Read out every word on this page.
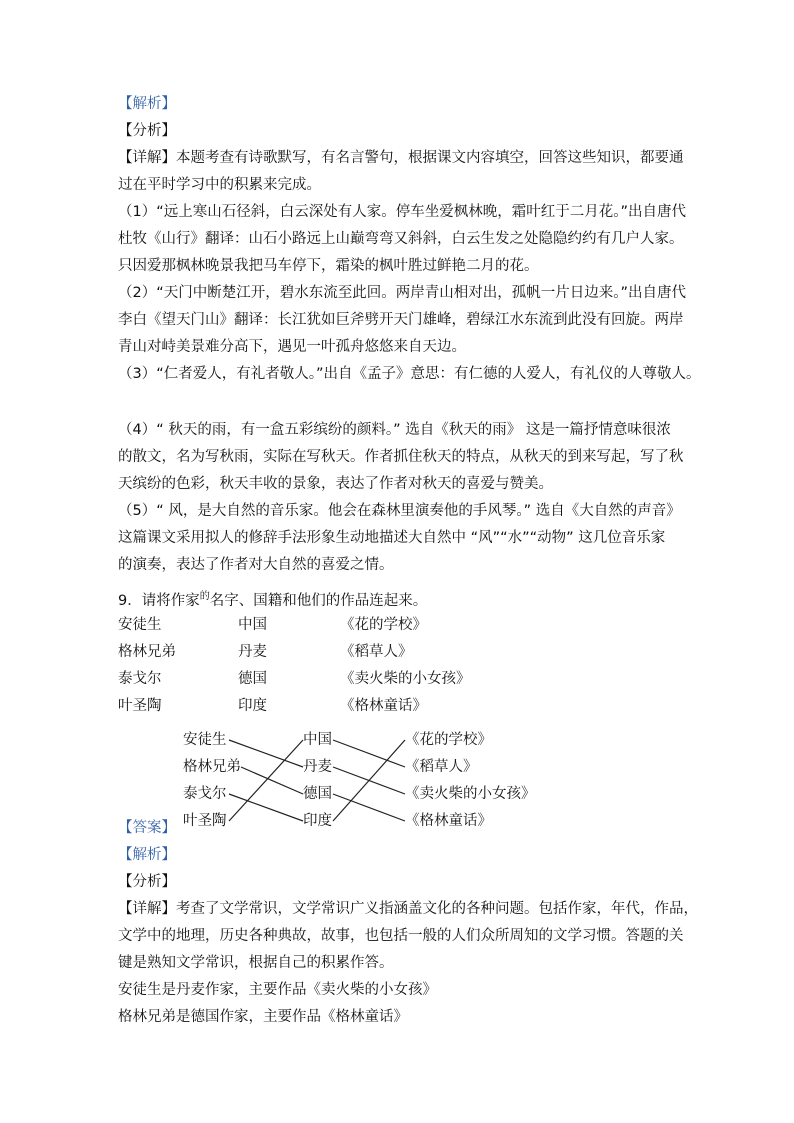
【解析】
【分析】
【详解】本题考查有诗歌默写，有名言警句，根据课文内容填空，回答这些知识，都要通
过在平时学习中的积累来完成。
（1）“远上寒山石径斜，白云深处有人家。停车坐爱枫林晚，霜叶红于二月花。”出自唐代
杜牧《山行》翻译：山石小路远上山巅弯弯又斜斜，白云生发之处隐隐约约有几户人家。
只因爱那枫林晚景我把马车停下，霜染的枫叶胜过鲜艳二月的花。
（2）“天门中断楚江开，碧水东流至此回。两岸青山相对出，孤帆一片日边来。”出自唐代
李白《望天门山》翻译：长江犹如巨斧劈开天门雄峰，碧绿江水东流到此没有回旋。两岸
青山对峙美景难分高下，遇见一叶孤舟悠悠来自天边。
（3）“仁者爱人，有礼者敬人。”出自《孟子》意思：有仁德的人爱人，有礼仪的人尊敬人。
（4）“ 秋天的雨，有一盒五彩缤纷的颜料。” 选自《秋天的雨》 这是一篇抒情意味很浓
的散文，名为写秋雨，实际在写秋天。作者抓住秋天的特点，从秋天的到来写起，写了秋
天缤纷的色彩，秋天丰收的景象，表达了作者对秋天的喜爱与赞美。
（5）“ 风，是大自然的音乐家。他会在森林里演奏他的手风琴。” 选自《大自然的声音》
这篇课文采用拟人的修辞手法形象生动地描述大自然中 “风”“水”“动物” 这几位音乐家
的演奏，表达了作者对大自然的喜爱之情。
9．请将作家$^的$名字、国籍和他们的作品连起来。
安徒生	中国	《花的学校》
格林兄弟	丹麦	《稻草人》
泰戈尔	德国	《卖火柴的小女孩》
叶圣陶	印度	《格林童话》
安徒生
格林兄弟
泰戈尔
叶圣陶
中国
丹麦
德国
印度
《花的学校》
《稻草人》
《卖火柴的小女孩》
《格林童话》
【答案】
【解析】
【分析】
【详解】考查了文学常识，文学常识广义指涵盖文化的各种问题。包括作家，年代，作品，
文学中的地理，历史各种典故，故事，也包括一般的人们众所周知的文学习惯。答题的关
键是熟知文学常识，根据自己的积累作答。
安徒生是丹麦作家，主要作品《卖火柴的小女孩》
格林兄弟是德国作家，主要作品《格林童话》
